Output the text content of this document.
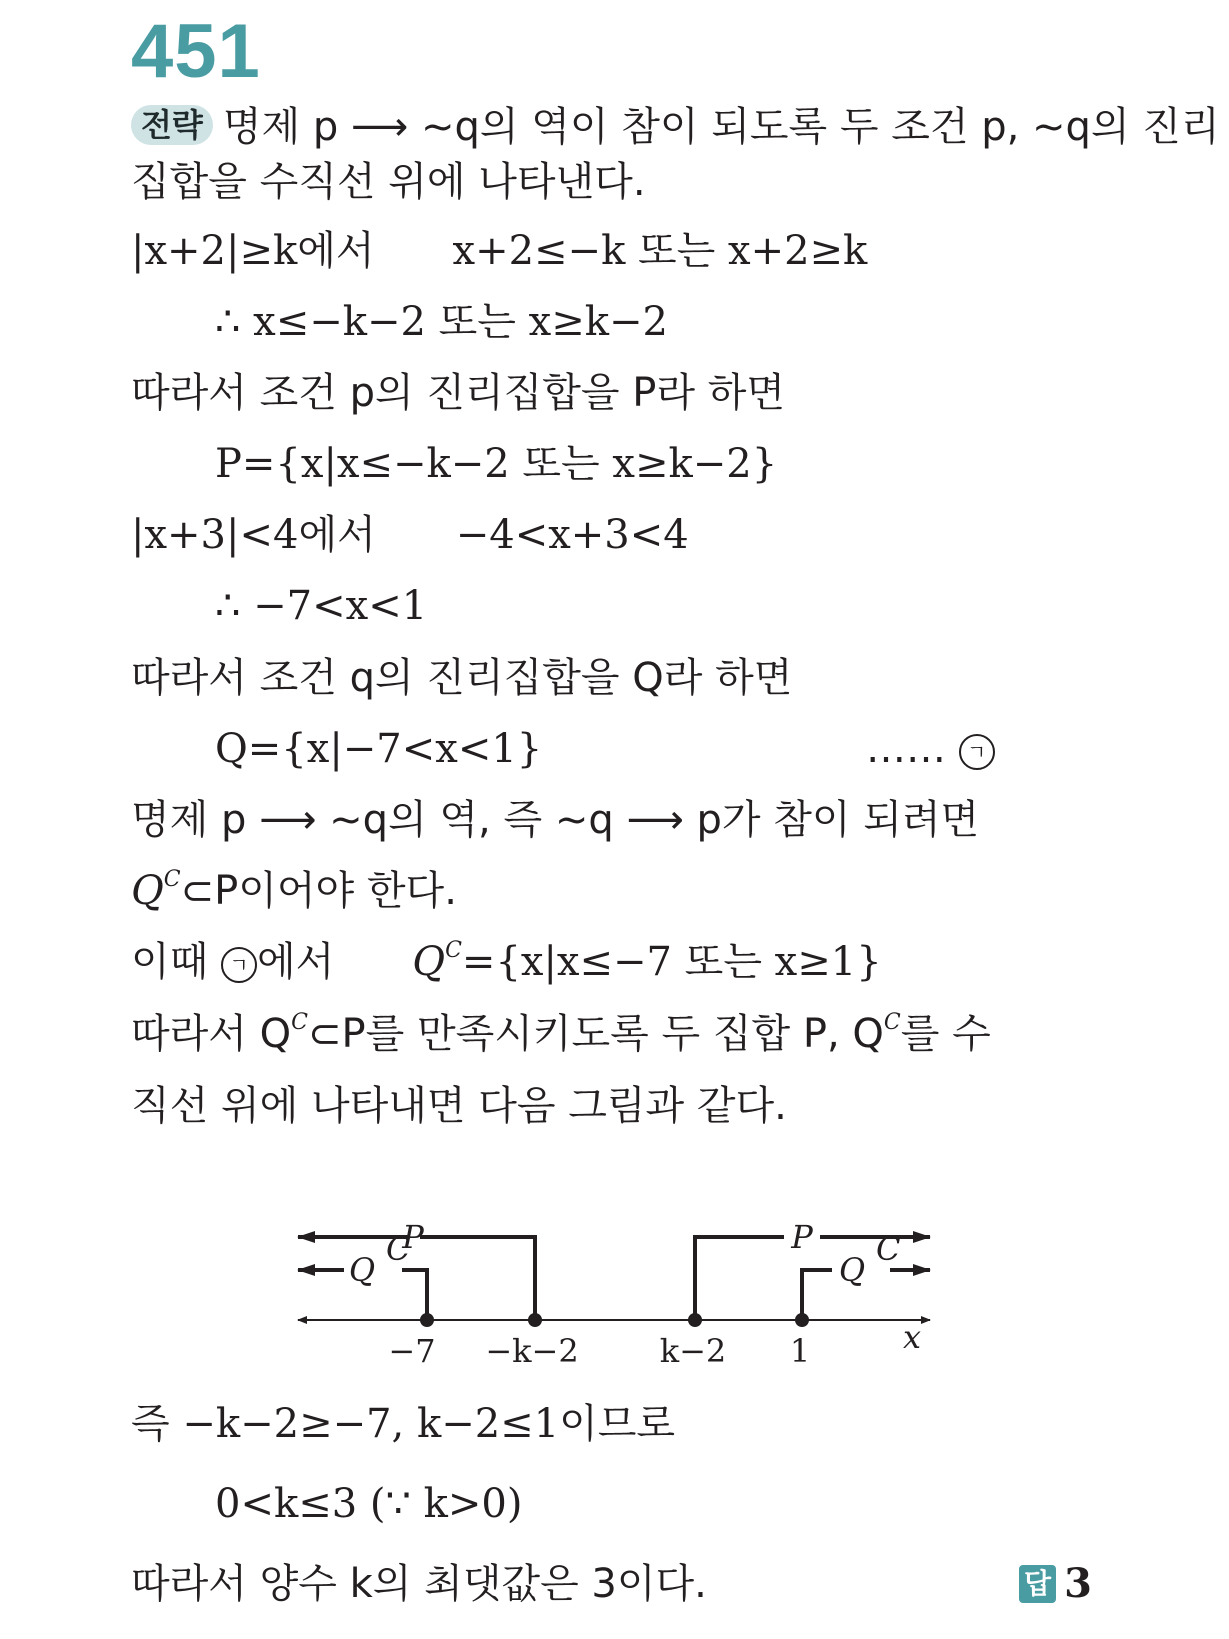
451
전략 명제 p ⟶ ~q의 역이 참이 되도록 두 조건 p, ~q의 진리
집합을 수직선 위에 나타낸다.
|x+2|≥k에서 x+2≤−k 또는 x+2≥k
∴ x≤−k−2 또는 x≥k−2
따라서 조건 p의 진리집합을 P라 하면
P={x|x≤−k−2 또는 x≥k−2}
|x+3|<4에서 −4<x+3<4
∴ −7<x<1
따라서 조건 q의 진리집합을 Q라 하면
Q={x|−7<x<1}	…… ㄱ
명제 p ⟶ ~q의 역, 즉 ~q ⟶ p가 참이 되려면
$Q^C\subset P$이어야 한다.
이때 ㄱ 에서 $Q^C=\{x|x\le-7$ 또는 x≥1}
따라서 $Q^C\subset P$를 만족시키도록 두 집합 P, $Q^C$를 수
직선 위에 나타내면 다음 그림과 같다.
P	P
Q
C
Q
C
−7 −k−2	k−2 1	x
즉 −k−2≥−7, k−2≤1이므로
0<k≤3 (∵ k>0)
따라서 양수 k의 최댓값은 3이다.	답 3
